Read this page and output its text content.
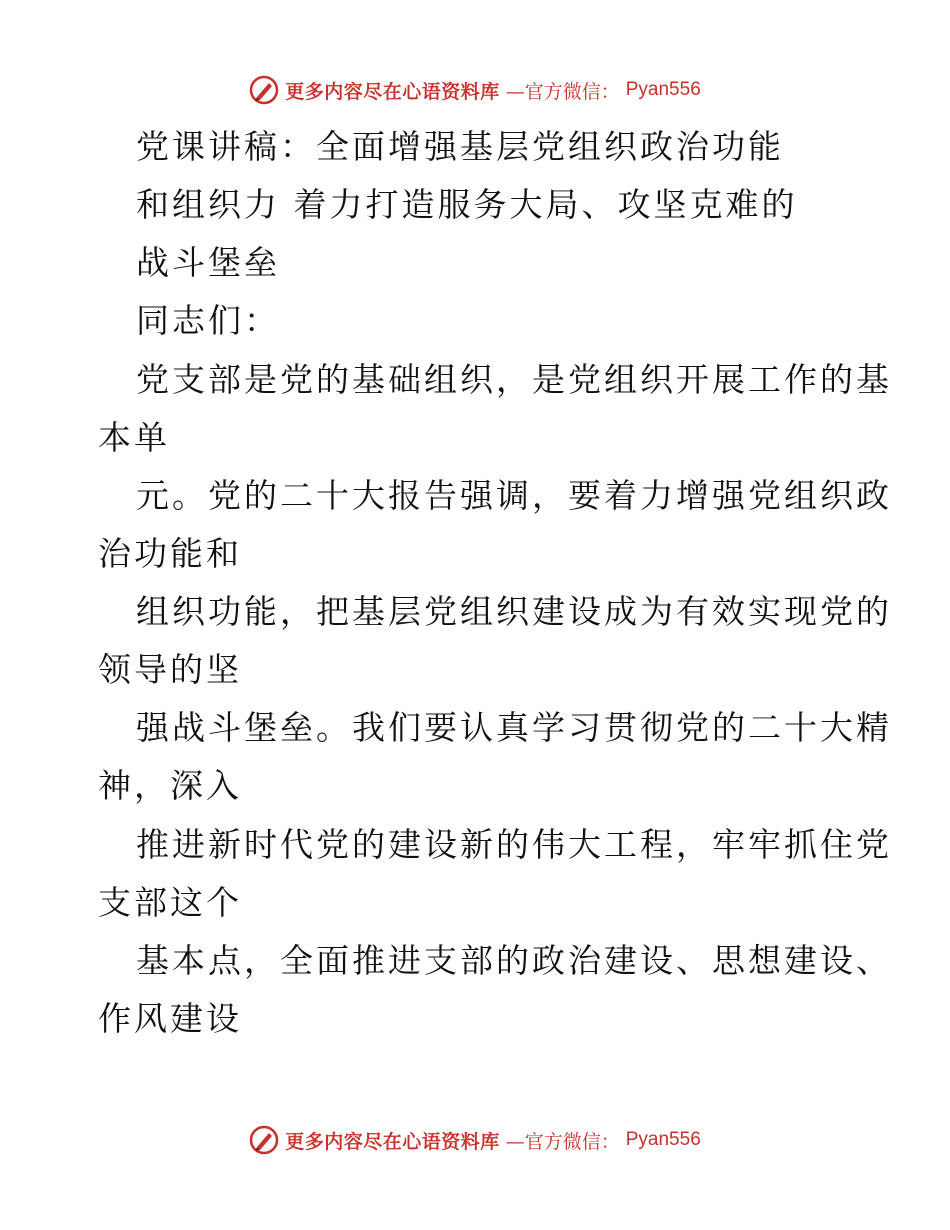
更多内容尽在心语资料库 —官方微信： Pyan556
党课讲稿：全面增强基层党组织政治功能
和组织力 着力打造服务大局、攻坚克难的
战斗堡垒
同志们：
党支部是党的基础组织，是党组织开展工作的基
本单
元。党的二十大报告强调，要着力增强党组织政
治功能和
组织功能，把基层党组织建设成为有效实现党的
领导的坚
强战斗堡垒。我们要认真学习贯彻党的二十大精
神，深入
推进新时代党的建设新的伟大工程，牢牢抓住党
支部这个
基本点，全面推进支部的政治建设、思想建设、
作风建设
更多内容尽在心语资料库 —官方微信： Pyan556
